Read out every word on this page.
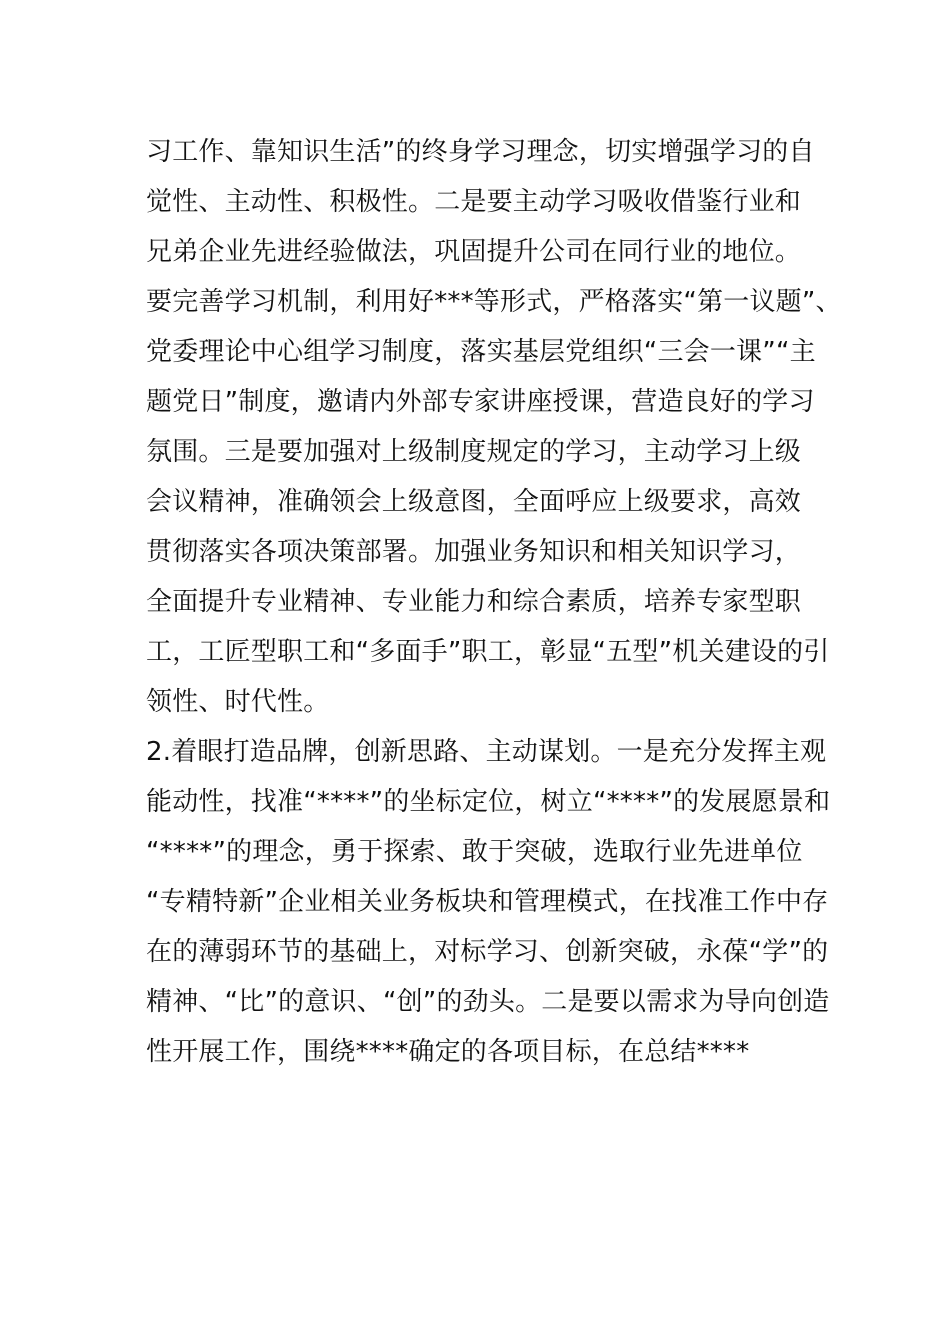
习工作、靠知识生活”的终身学习理念，切实增强学习的自
觉性、主动性、积极性。二是要主动学习吸收借鉴行业和
兄弟企业先进经验做法，巩固提升公司在同行业的地位。
要完善学习机制，利用好***等形式，严格落实“第一议题”、
党委理论中心组学习制度，落实基层党组织“三会一课”“主
题党日”制度，邀请内外部专家讲座授课，营造良好的学习
氛围。三是要加强对上级制度规定的学习，主动学习上级
会议精神，准确领会上级意图，全面呼应上级要求，高效
贯彻落实各项决策部署。加强业务知识和相关知识学习，
全面提升专业精神、专业能力和综合素质，培养专家型职
工，工匠型职工和“多面手”职工，彰显“五型”机关建设的引
领性、时代性。
2.着眼打造品牌，创新思路、主动谋划。一是充分发挥主观
能动性，找准“****”的坐标定位，树立“****”的发展愿景和
“****”的理念，勇于探索、敢于突破，选取行业先进单位
“专精特新”企业相关业务板块和管理模式，在找准工作中存
在的薄弱环节的基础上，对标学习、创新突破，永葆“学”的
精神、“比”的意识、“创”的劲头。二是要以需求为导向创造
性开展工作，围绕****确定的各项目标，在总结****
